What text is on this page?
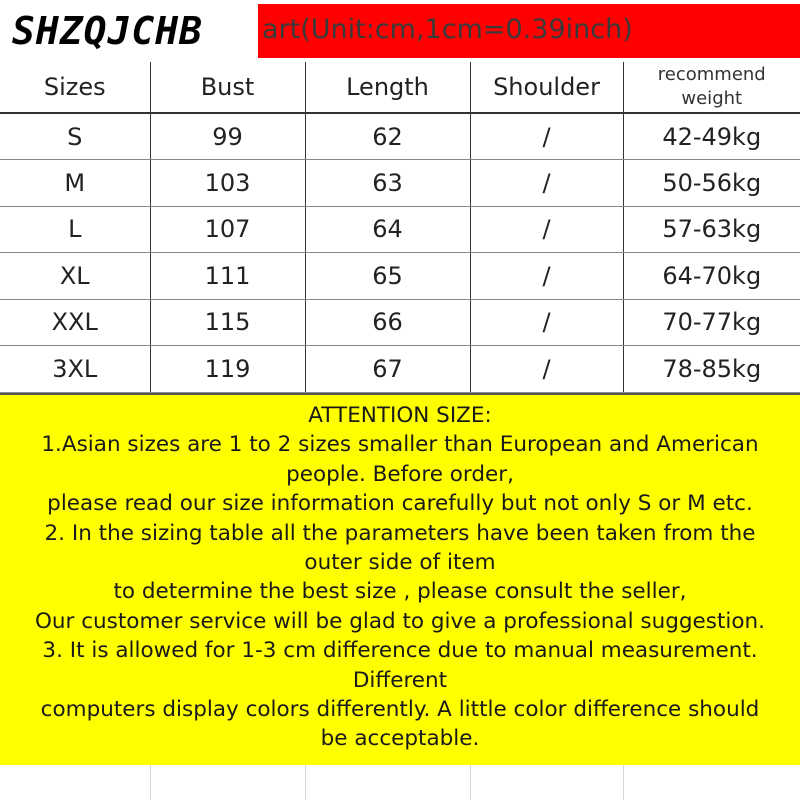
art(Unit:cm,1cm=0.39inch)
SHZQJCHB
Sizes	Bust	Length	Shoulder	recommend
weight

S	99	62	/	42-49kg
M	103	63	/	50-56kg
L	107	64	/	57-63kg
XL	111	65	/	64-70kg
XXL	115	66	/	70-77kg
3XL	119	67	/	78-85kg

ATTENTION SIZE:

1.Asian sizes are 1 to 2 sizes smaller than European and American

people. Before order,

please read our size information carefully but not only S or M etc.

2. In the sizing table all the parameters have been taken from the

outer side of item

to determine the best size , please consult the seller,

Our customer service will be glad to give a professional suggestion.

3. It is allowed for 1-3 cm difference due to manual measurement.

Different

computers display colors differently. A little color difference should

be acceptable.
